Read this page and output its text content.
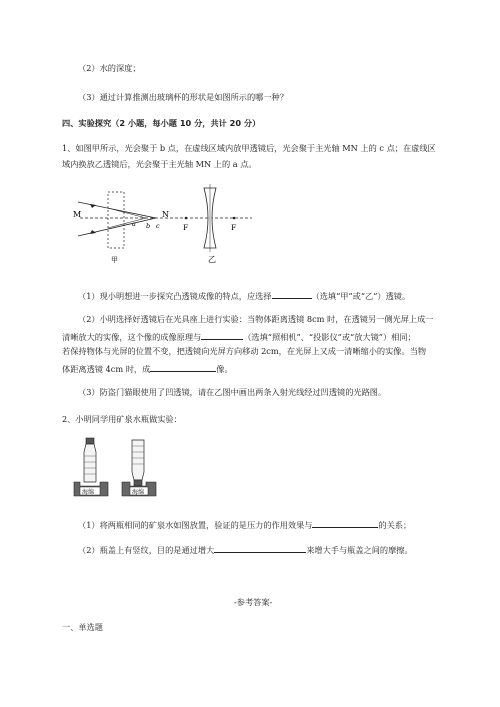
（2）水的深度；
（3）通过计算推测出玻璃杯的形状是如图所示的哪一种？
四、实验探究（2 小题，每小题 10 分，共计 20 分）
1、如图甲所示，光会聚于 b 点，在虚线区域内放甲透镜后，光会聚于主光轴 MN 上的 c 点；在虚线区
域内换放乙透镜后，光会聚于主光轴 MN 上的 a 点。
M	N
a b c
甲
F	F
乙
（1）现小明想进一步探究凸透镜成像的特点，应选择	（选填“甲”或“乙”）透镜。
（2）小明选择好透镜后在光具座上进行实验：当物体距离透镜 8cm 时，在透镜另一侧光屏上成一
清晰放大的实像，这个像的成像原理与	（选填“照相机”、“投影仪”或“放大镜”）相同；
若保持物体与光屏的位置不变，把透镜向光屏方向移动 2cm，在光屏上又成一清晰缩小的实像。当物
体距离透镜 4cm 时，成	像。
（3）防盗门猫眼使用了凹透镜，请在乙图中画出两条入射光线经过凹透镜的光路图。
2、小明同学用矿泉水瓶做实验：
海绵	海绵
（1）将两瓶相同的矿泉水如图放置，验证的是压力的作用效果与	的关系；
（2）瓶盖上有竖纹，目的是通过增大	来增大手与瓶盖之间的摩擦。
-参考答案-
一、单选题
